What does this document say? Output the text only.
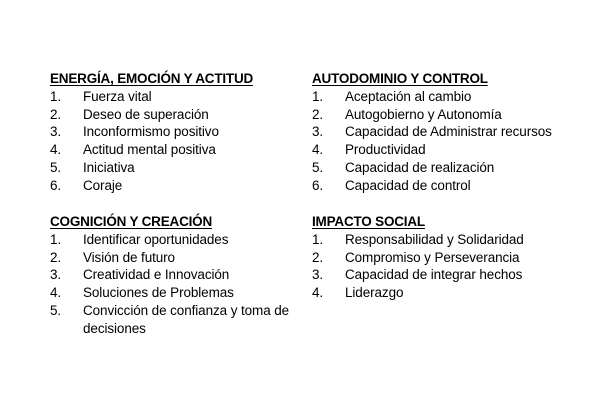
ENERGÍA, EMOCIÓN Y ACTITUD
1.	Fuerza vital
2.	Deseo de superación
3.	Inconformismo positivo
4.	Actitud mental positiva
5.	Iniciativa
6.	Coraje
AUTODOMINIO Y CONTROL
1.	Aceptación al cambio
2.	Autogobierno y Autonomía
3.	Capacidad de Administrar recursos
4.	Productividad
5.	Capacidad de realización
6.	Capacidad de control
COGNICIÓN Y CREACIÓN
1.	Identificar oportunidades
2.	Visión de futuro
3.	Creatividad e Innovación
4.	Soluciones de Problemas
5.	Convicción de confianza y toma de decisiones
IMPACTO SOCIAL
1.	Responsabilidad y Solidaridad
2.	Compromiso y Perseverancia
3.	Capacidad de integrar hechos
4.	Liderazgo
